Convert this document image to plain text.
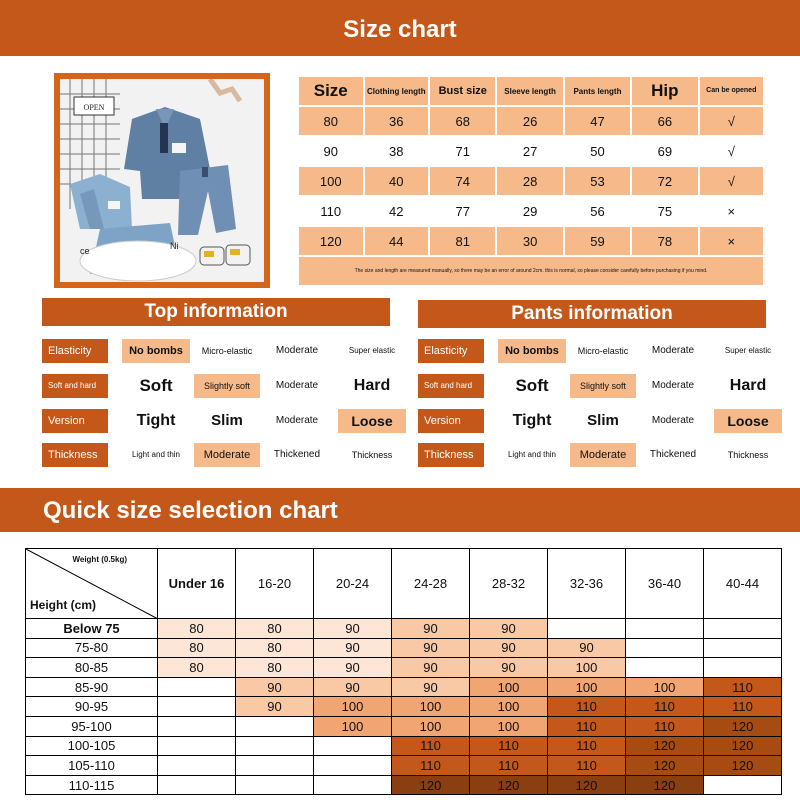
Size chart
OPEN
Ni
ce
Size	Clothing length	Bust size	Sleeve length	Pants length	Hip	Can be opened
80	36	68	26	47	66	√
90	38	71	27	50	69	√
100	40	74	28	53	72	√
110	42	77	29	56	75	×
120	44	81	30	59	78	×
The size and length are measured manually, so there may be an error of around 2cm. this is normal, so please consider carefully before purchasing if you mind.						
Top information
Elasticity	No bombs	Micro-elastic	Moderate	Super elastic
Soft and hard	Soft	Slightly soft	Moderate	Hard
Version	Tight	Slim	Moderate	Loose
Thickness	Light and thin	Moderate	Thickened	Thickness
Pants information
Elasticity	No bombs	Micro-elastic	Moderate	Super elastic
Soft and hard	Soft	Slightly soft	Moderate	Hard
Version	Tight	Slim	Moderate	Loose
Thickness	Light and thin	Moderate	Thickened	Thickness
Quick size selection chart
Weight (0.5kg)
Height (cm)	Under 16	16-20	20-24	24-28	28-32	32-36	36-40	40-44
Below 75	80	80	90	90	90			
75-80	80	80	90	90	90	90		
80-85	80	80	90	90	90	100		
85-90		90	90	90	100	100	100	110
90-95		90	100	100	100	110	110	110
95-100			100	100	100	110	110	120
100-105				110	110	110	120	120
105-110				110	110	110	120	120
110-115				120	120	120	120	
